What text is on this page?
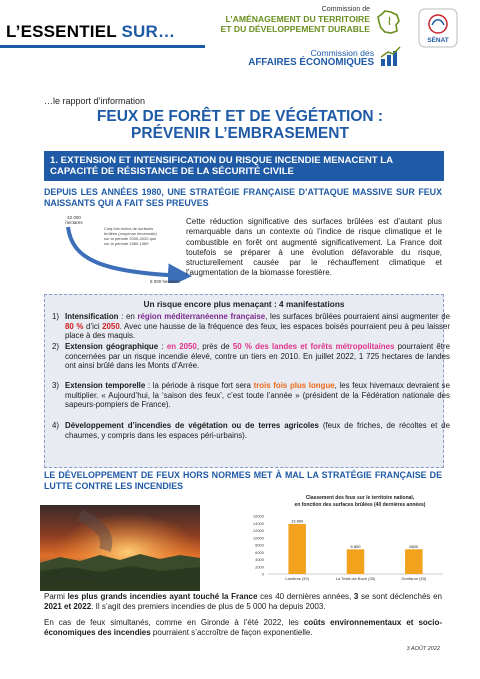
L’ESSENTIEL SUR…
Commission de
L’AMÉNAGEMENT DU TERRITOIRE
ET DU DÉVELOPPEMENT DURABLE
Commission des
AFFAIRES ÉCONOMIQUES
SÉNAT
…le rapport d’information
FEUX DE FORÊT ET DE VÉGÉTATION :
PRÉVENIR L’EMBRASEMENT
1. EXTENSION ET INTENSIFICATION DU RISQUE INCENDIE MENACENT LA CAPACITÉ DE RÉSISTANCE DE LA SÉCURITÉ CIVILE
DEPUIS LES ANNÉES 1980, UNE STRATÉGIE FRANÇAISE D’ATTAQUE MASSIVE SUR FEUX NAISSANTS QUI A FAIT SES PREUVES
42 000 hectares
Cinq fois moins de surfaces brûlées (moyenne décennale) sur la période 2005-2020 que sur la période 1980-1989
8 000 hectares
Cette réduction significative des surfaces brûlées est d’autant plus remarquable dans un contexte où l’indice de risque climatique et le combustible en forêt ont augmenté significativement. La France doit toutefois se préparer à une évolution défavorable du risque, structurellement causée par le réchauffement climatique et l’augmentation de la biomasse forestière.
Un risque encore plus menaçant : 4 manifestations
1) Intensification : en région méditerranéenne française, les surfaces brûlées pourraient ainsi augmenter de 80 % d’ici 2050. Avec une hausse de la fréquence des feux, les espaces boisés pourraient peu à peu laisser place à des maquis.
2) Extension géographique : en 2050, près de 50 % des landes et forêts métropolitaines pourraient être concernées par un risque incendie élevé, contre un tiers en 2010. En juillet 2022, 1 725 hectares de landes ont ainsi brûlé dans les Monts d’Arrée.
3) Extension temporelle : la période à risque fort sera trois fois plus longue, les feux hivernaux devraient se multiplier. « Aujourd’hui, la ‘saison des feux’, c’est toute l’année » (président de la Fédération nationale des sapeurs-pompiers de France).
4) Développement d’incendies de végétation ou de terres agricoles (feux de friches, de récoltes et de chaumes, y compris dans les espaces péri-urbains).
LE DÉVELOPPEMENT DE FEUX HORS NORMES MET À MAL LA STRATÉGIE FRANÇAISE DE LUTTE CONTRE LES INCENDIES
Crédit : Alliance Oralie Bois (2022)
Classement des feux sur le territoire national,
en fonction des surfaces brûlées (40 dernières années)
0
2000
4000
6000
8000
10000
12000
14000
16000
13 800
Landiras (33)
6 800
La Teste-de-Buch (33)
6820
Gonfaron (83)
Parmi les plus grands incendies ayant touché la France ces 40 dernières années, 3 se sont déclenchés en 2021 et 2022. Il s’agit des premiers incendies de plus de 5 000 ha depuis 2003.
En cas de feux simultanés, comme en Gironde à l’été 2022, les coûts environnementaux et socio-économiques des incendies pourraient s’accroître de façon exponentielle.
3 AOÛT 2022
